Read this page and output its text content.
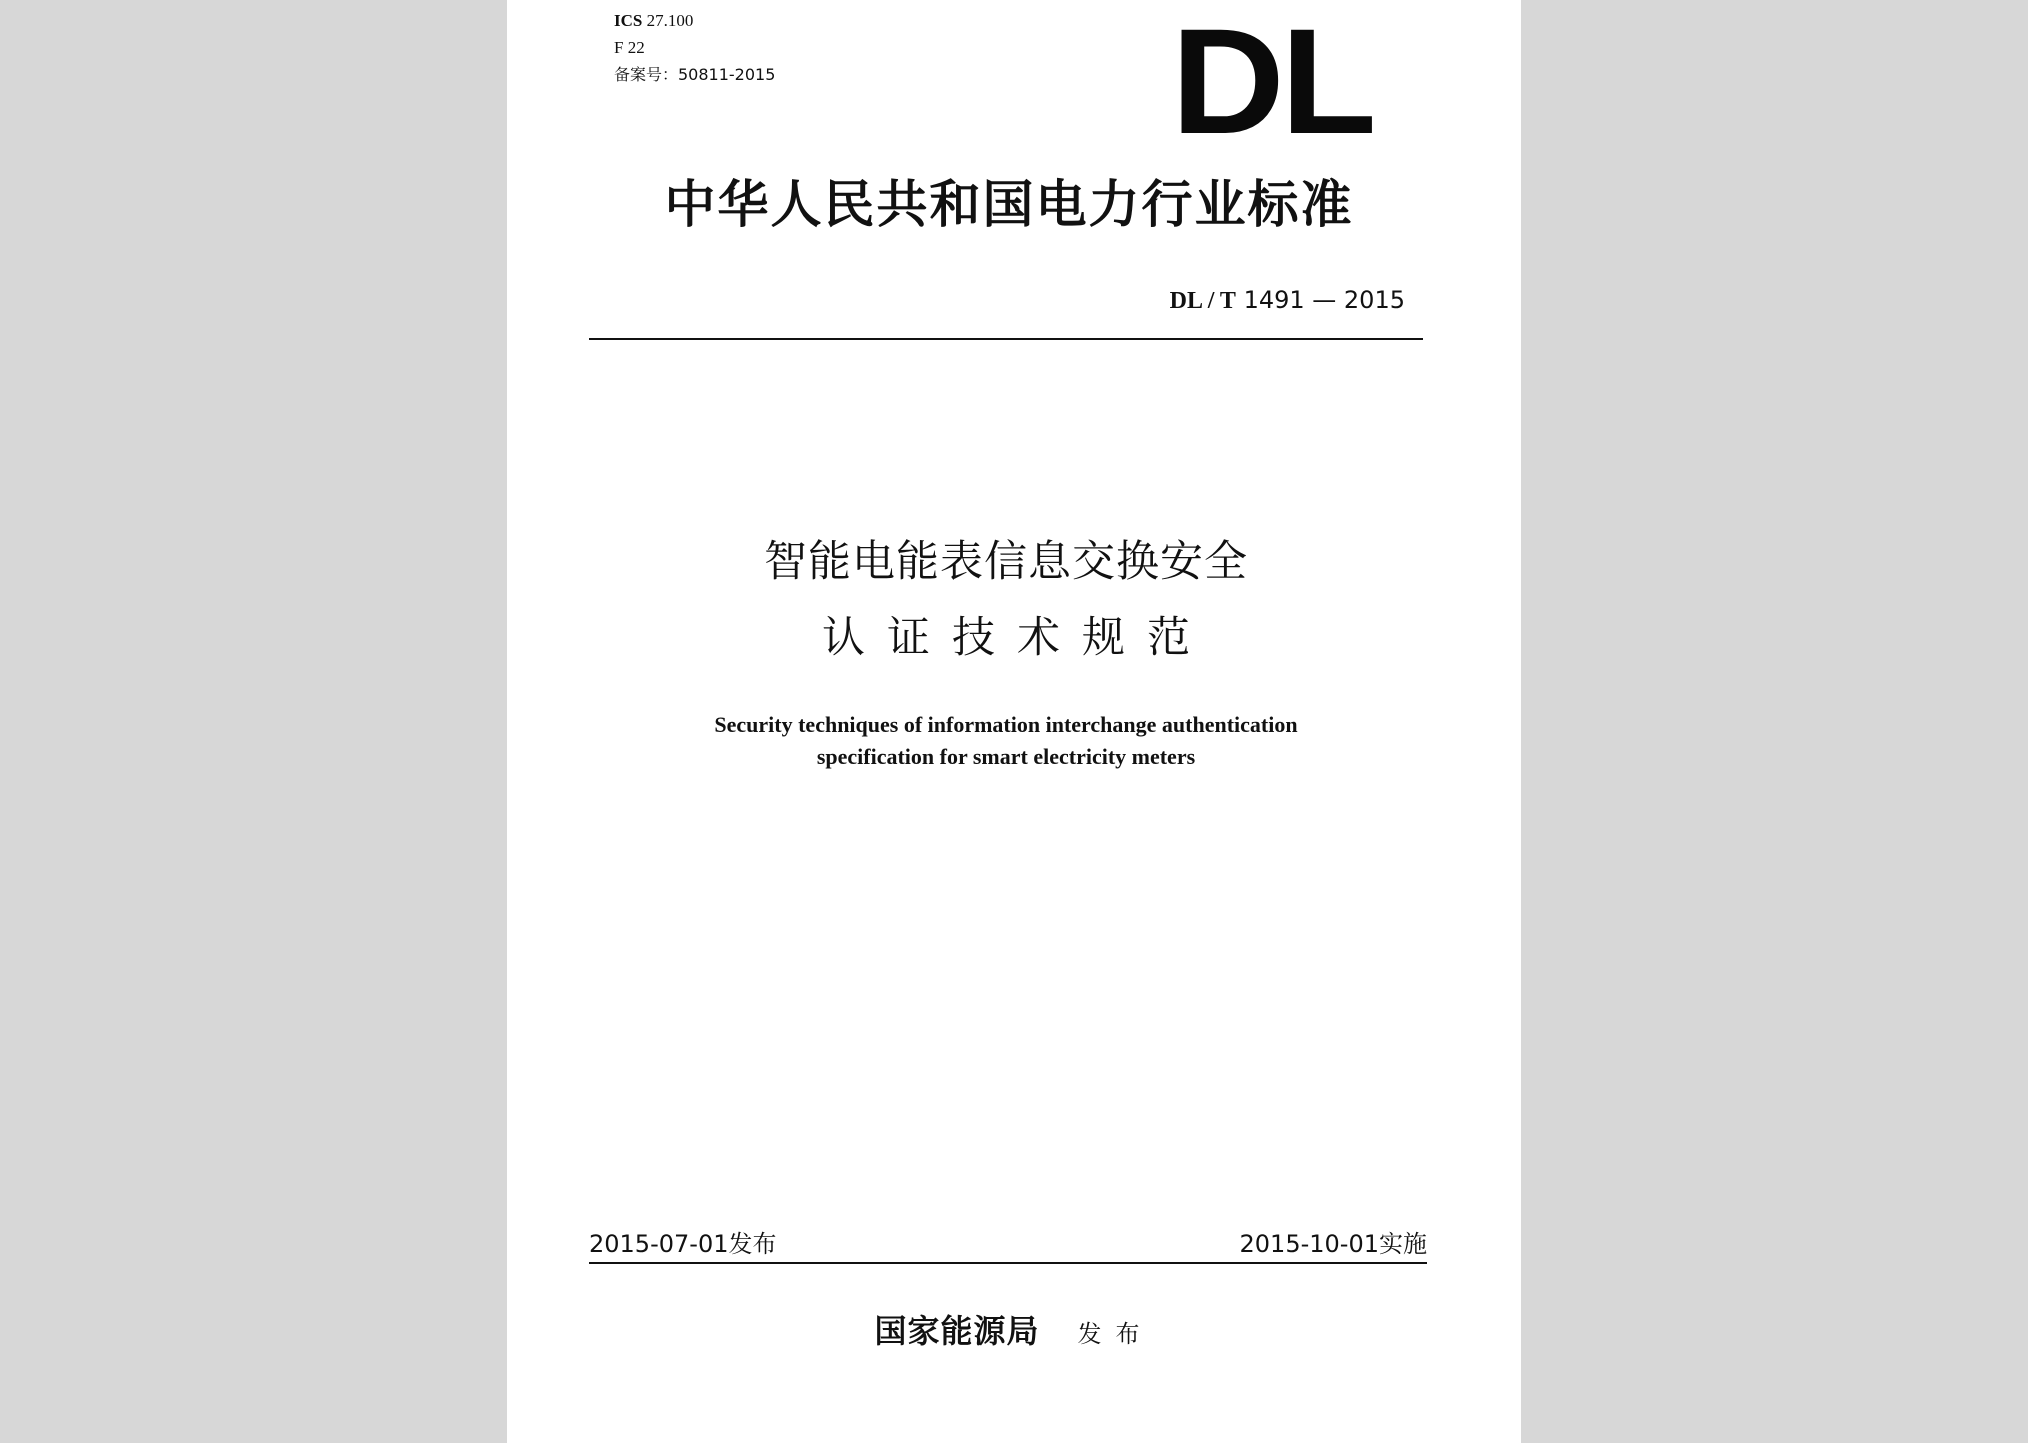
ICS 27.100
F 22
备案号：50811-2015	DL
中华人民共和国电力行业标准
DL / T 1491 — 2015
智能电能表信息交换安全
认证技术规范
Security techniques of information interchange authentication
specification for smart electricity meters
2015-07-01发布	2015-10-01实施
国家能源局 发布
